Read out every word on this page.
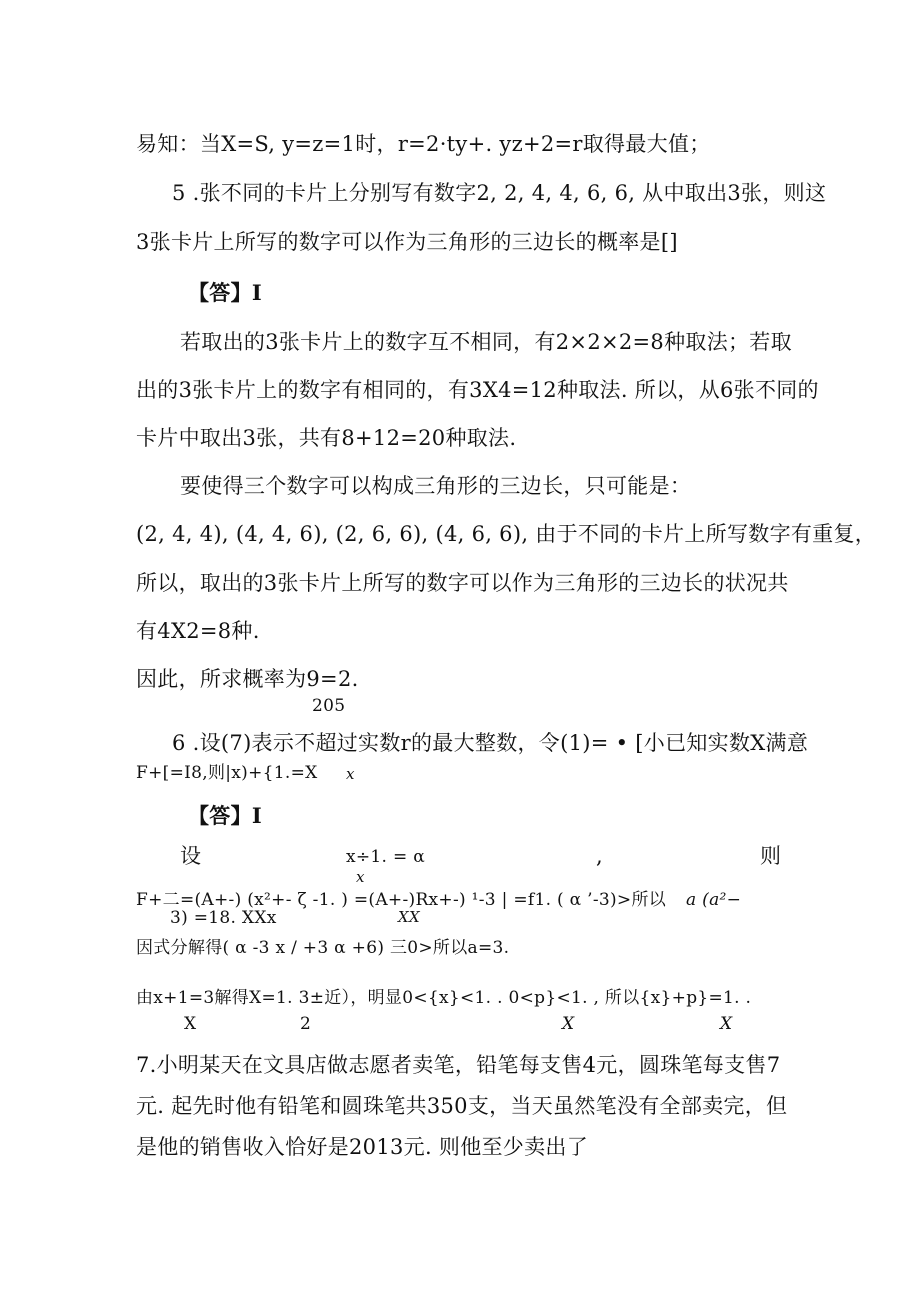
易知：当X=S, y=z=1时，r=2·ty+. yz+2=r取得最大值；
5 .张不同的卡片上分别写有数字2, 2, 4, 4, 6, 6, 从中取出3张，则这
3张卡片上所写的数字可以作为三角形的三边长的概率是[]
【答】I
若取出的3张卡片上的数字互不相同，有2×2×2=8种取法；若取
出的3张卡片上的数字有相同的，有3X4=12种取法. 所以，从6张不同的
卡片中取出3张，共有8+12=20种取法.
要使得三个数字可以构成三角形的三边长，只可能是：
(2, 4, 4), (4, 4, 6), (2, 6, 6), (4, 6, 6), 由于不同的卡片上所写数字有重复，
所以，取出的3张卡片上所写的数字可以作为三角形的三边长的状况共
有4X2=8种.
因此，所求概率为9=2.
205
6 .设(7)表示不超过实数r的最大整数，令(1)= • [小已知实数X满意
F+[=I8,则|x)+{1.=X x
【答】I
设	x÷1. = α
x
,	则
F+二=(A+-) (x²+- ζ -1. ) =(A+-)Rx+-) ¹-3 | =f1. ( α ’-3)>所以 a (a²−
3) =18. XXx	XX
因式分解得( α -3 x / +3 α +6) 三0>所以a=3.
由x+1=3解得X=1. 3±近），明显0<{x}<1. . 0<p}<1. , 所以{x}+p}=1. .
X	2	X	X
7.小明某天在文具店做志愿者卖笔，铅笔每支售4元，圆珠笔每支售7
元. 起先时他有铅笔和圆珠笔共350支，当天虽然笔没有全部卖完，但
是他的销售收入恰好是2013元. 则他至少卖出了
